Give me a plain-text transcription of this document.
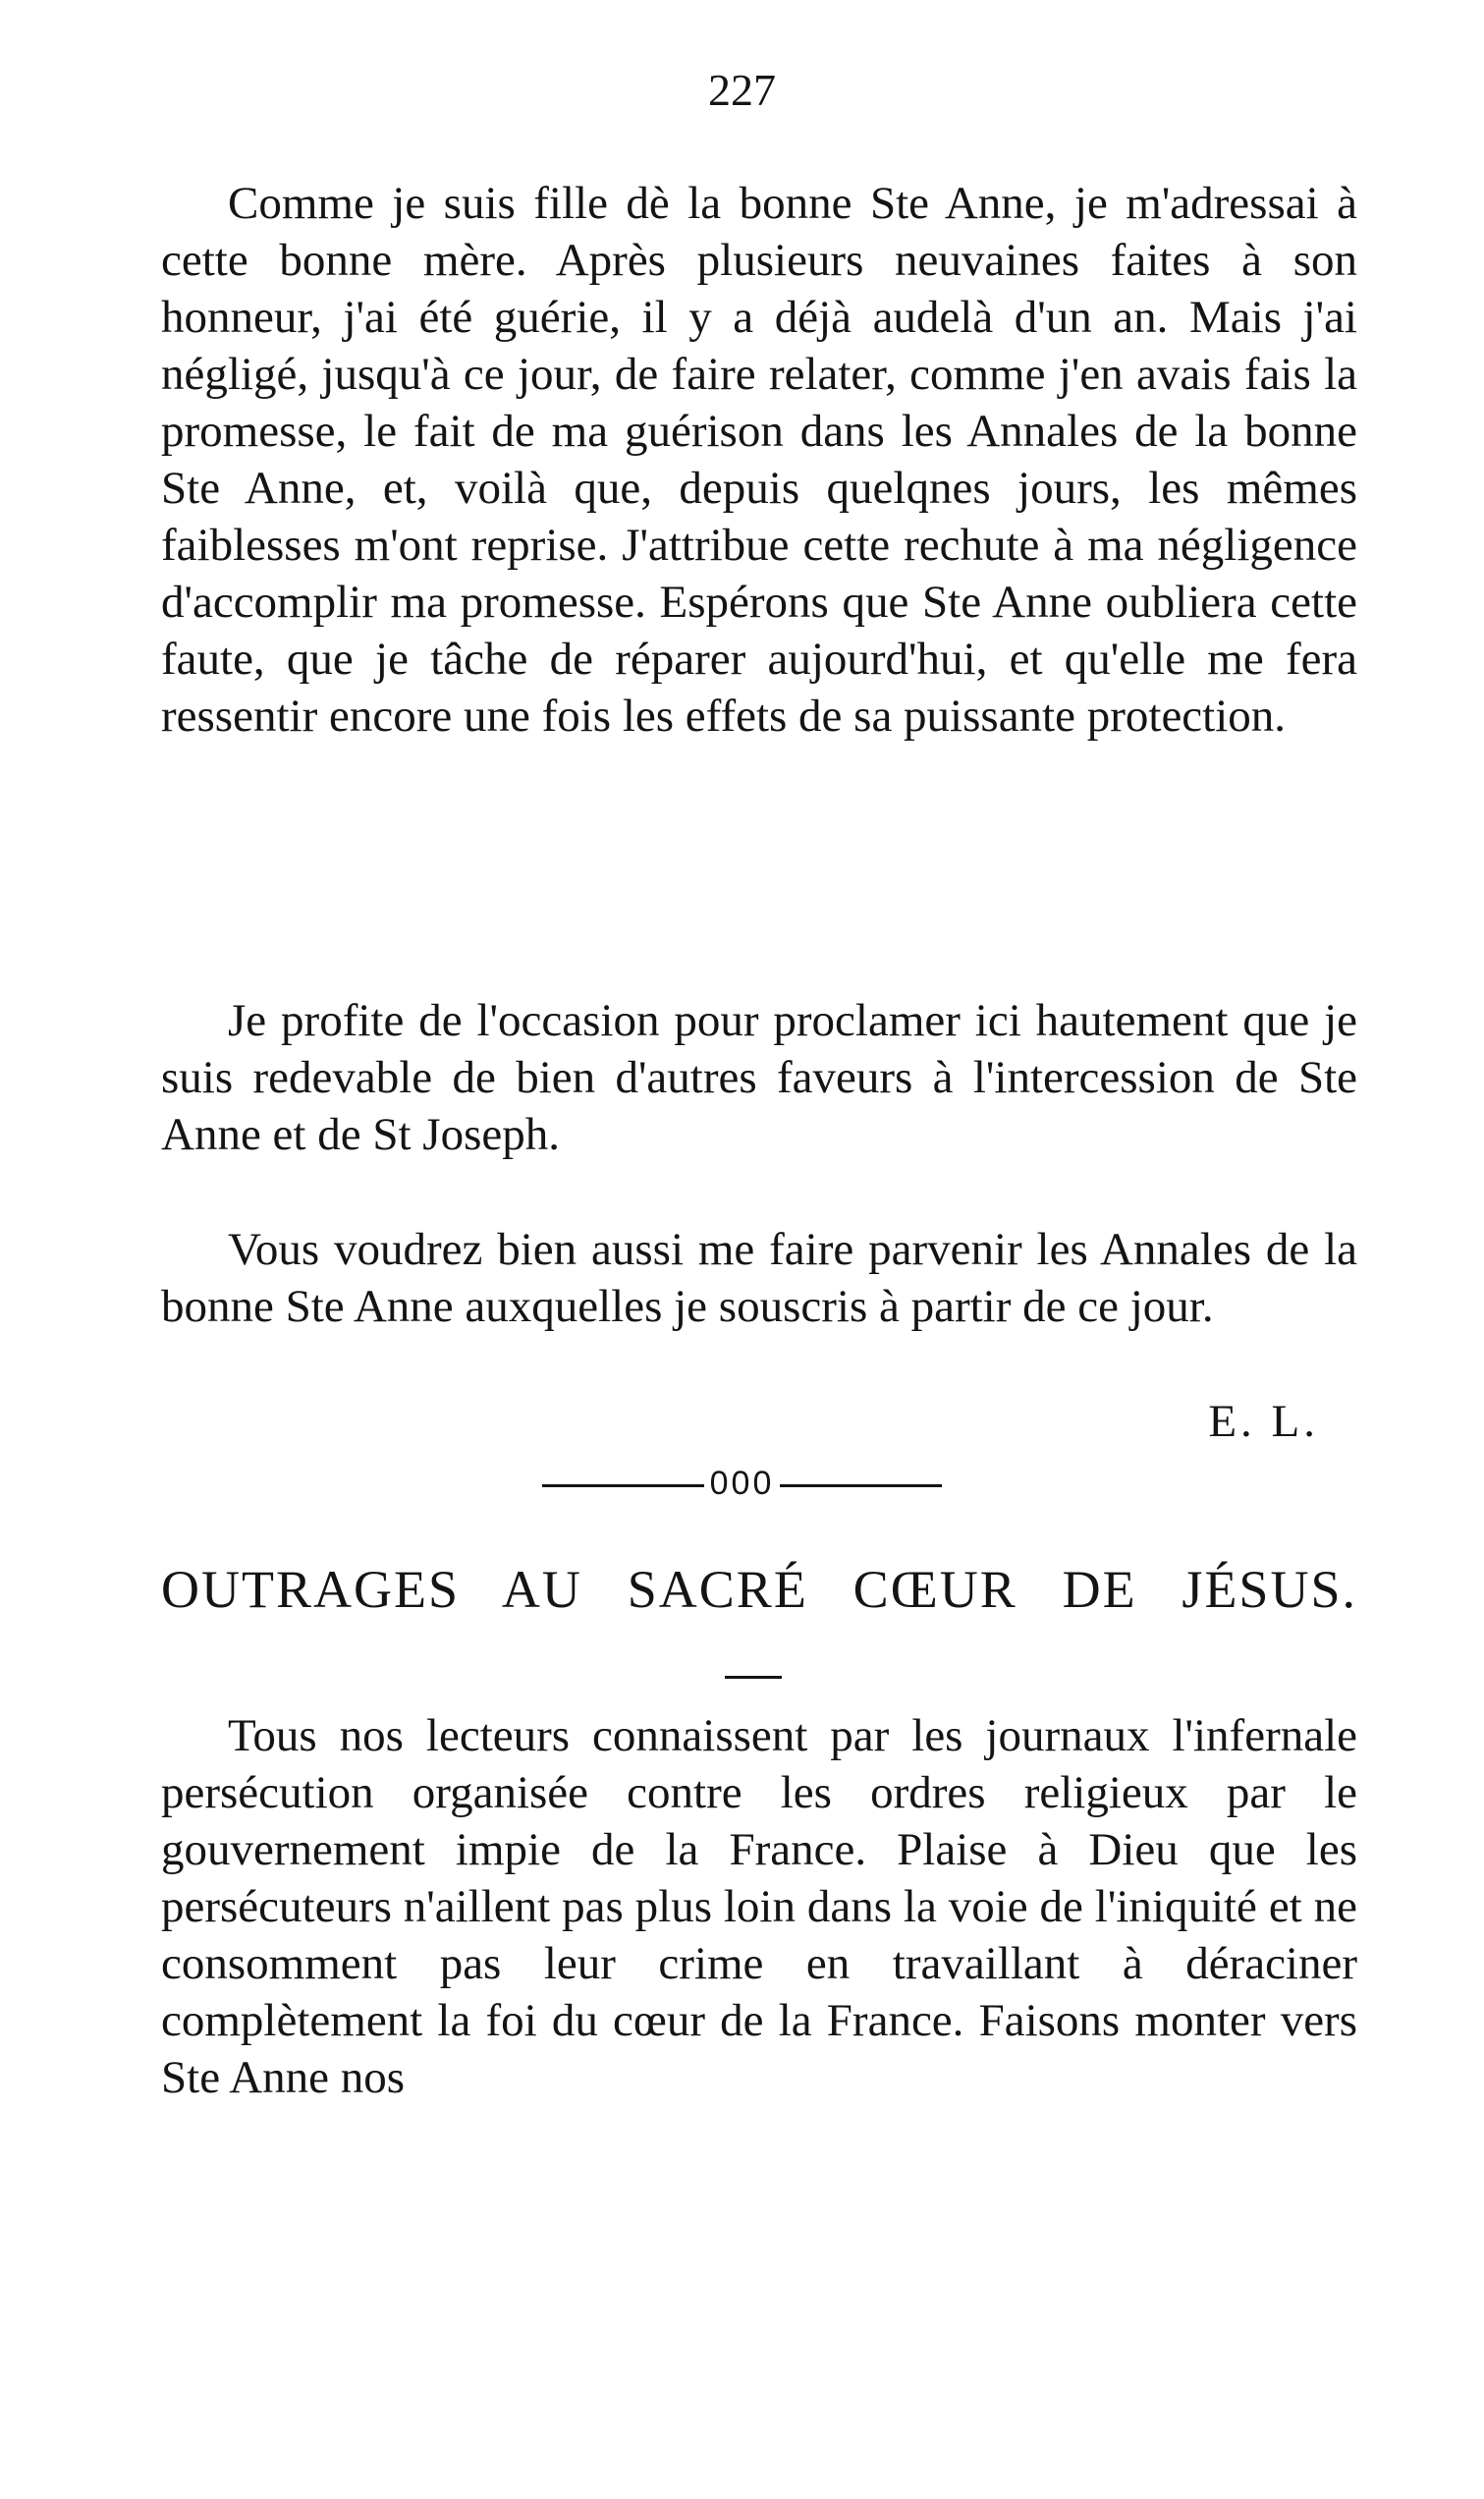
227

Comme je suis fille dè la bonne Ste Anne, je m'adressai à cette bonne mère. Après plusieurs neuvaines faites à son honneur, j'ai été guérie, il y a déjà audelà d'un an. Mais j'ai négligé, jusqu'à ce jour, de faire relater, comme j'en avais fais la promesse, le fait de ma guérison dans les Annales de la bonne Ste Anne, et, voilà que, depuis quelqnes jours, les mêmes faiblesses m'ont reprise. J'attribue cette rechute à ma négligence d'accomplir ma promesse. Espérons que Ste Anne oubliera cette faute, que je tâche de réparer aujourd'hui, et qu'elle me fera ressentir encore une fois les effets de sa puissante protection.

Je profite de l'occasion pour proclamer ici hautement que je suis redevable de bien d'autres faveurs à l'intercession de Ste Anne et de St Joseph.

Vous voudrez bien aussi me faire parvenir les Annales de la bonne Ste Anne auxquelles je souscris à partir de ce jour.

E. L.
000
OUTRAGES AU SACRÉ CŒUR DE JÉSUS.

Tous nos lecteurs connaissent par les journaux l'infernale persécution organisée contre les ordres religieux par le gouvernement impie de la France. Plaise à Dieu que les persécuteurs n'aillent pas plus loin dans la voie de l'iniquité et ne consomment pas leur crime en travaillant à déraciner complètement la foi du cœur de la France. Faisons monter vers Ste Anne nos
